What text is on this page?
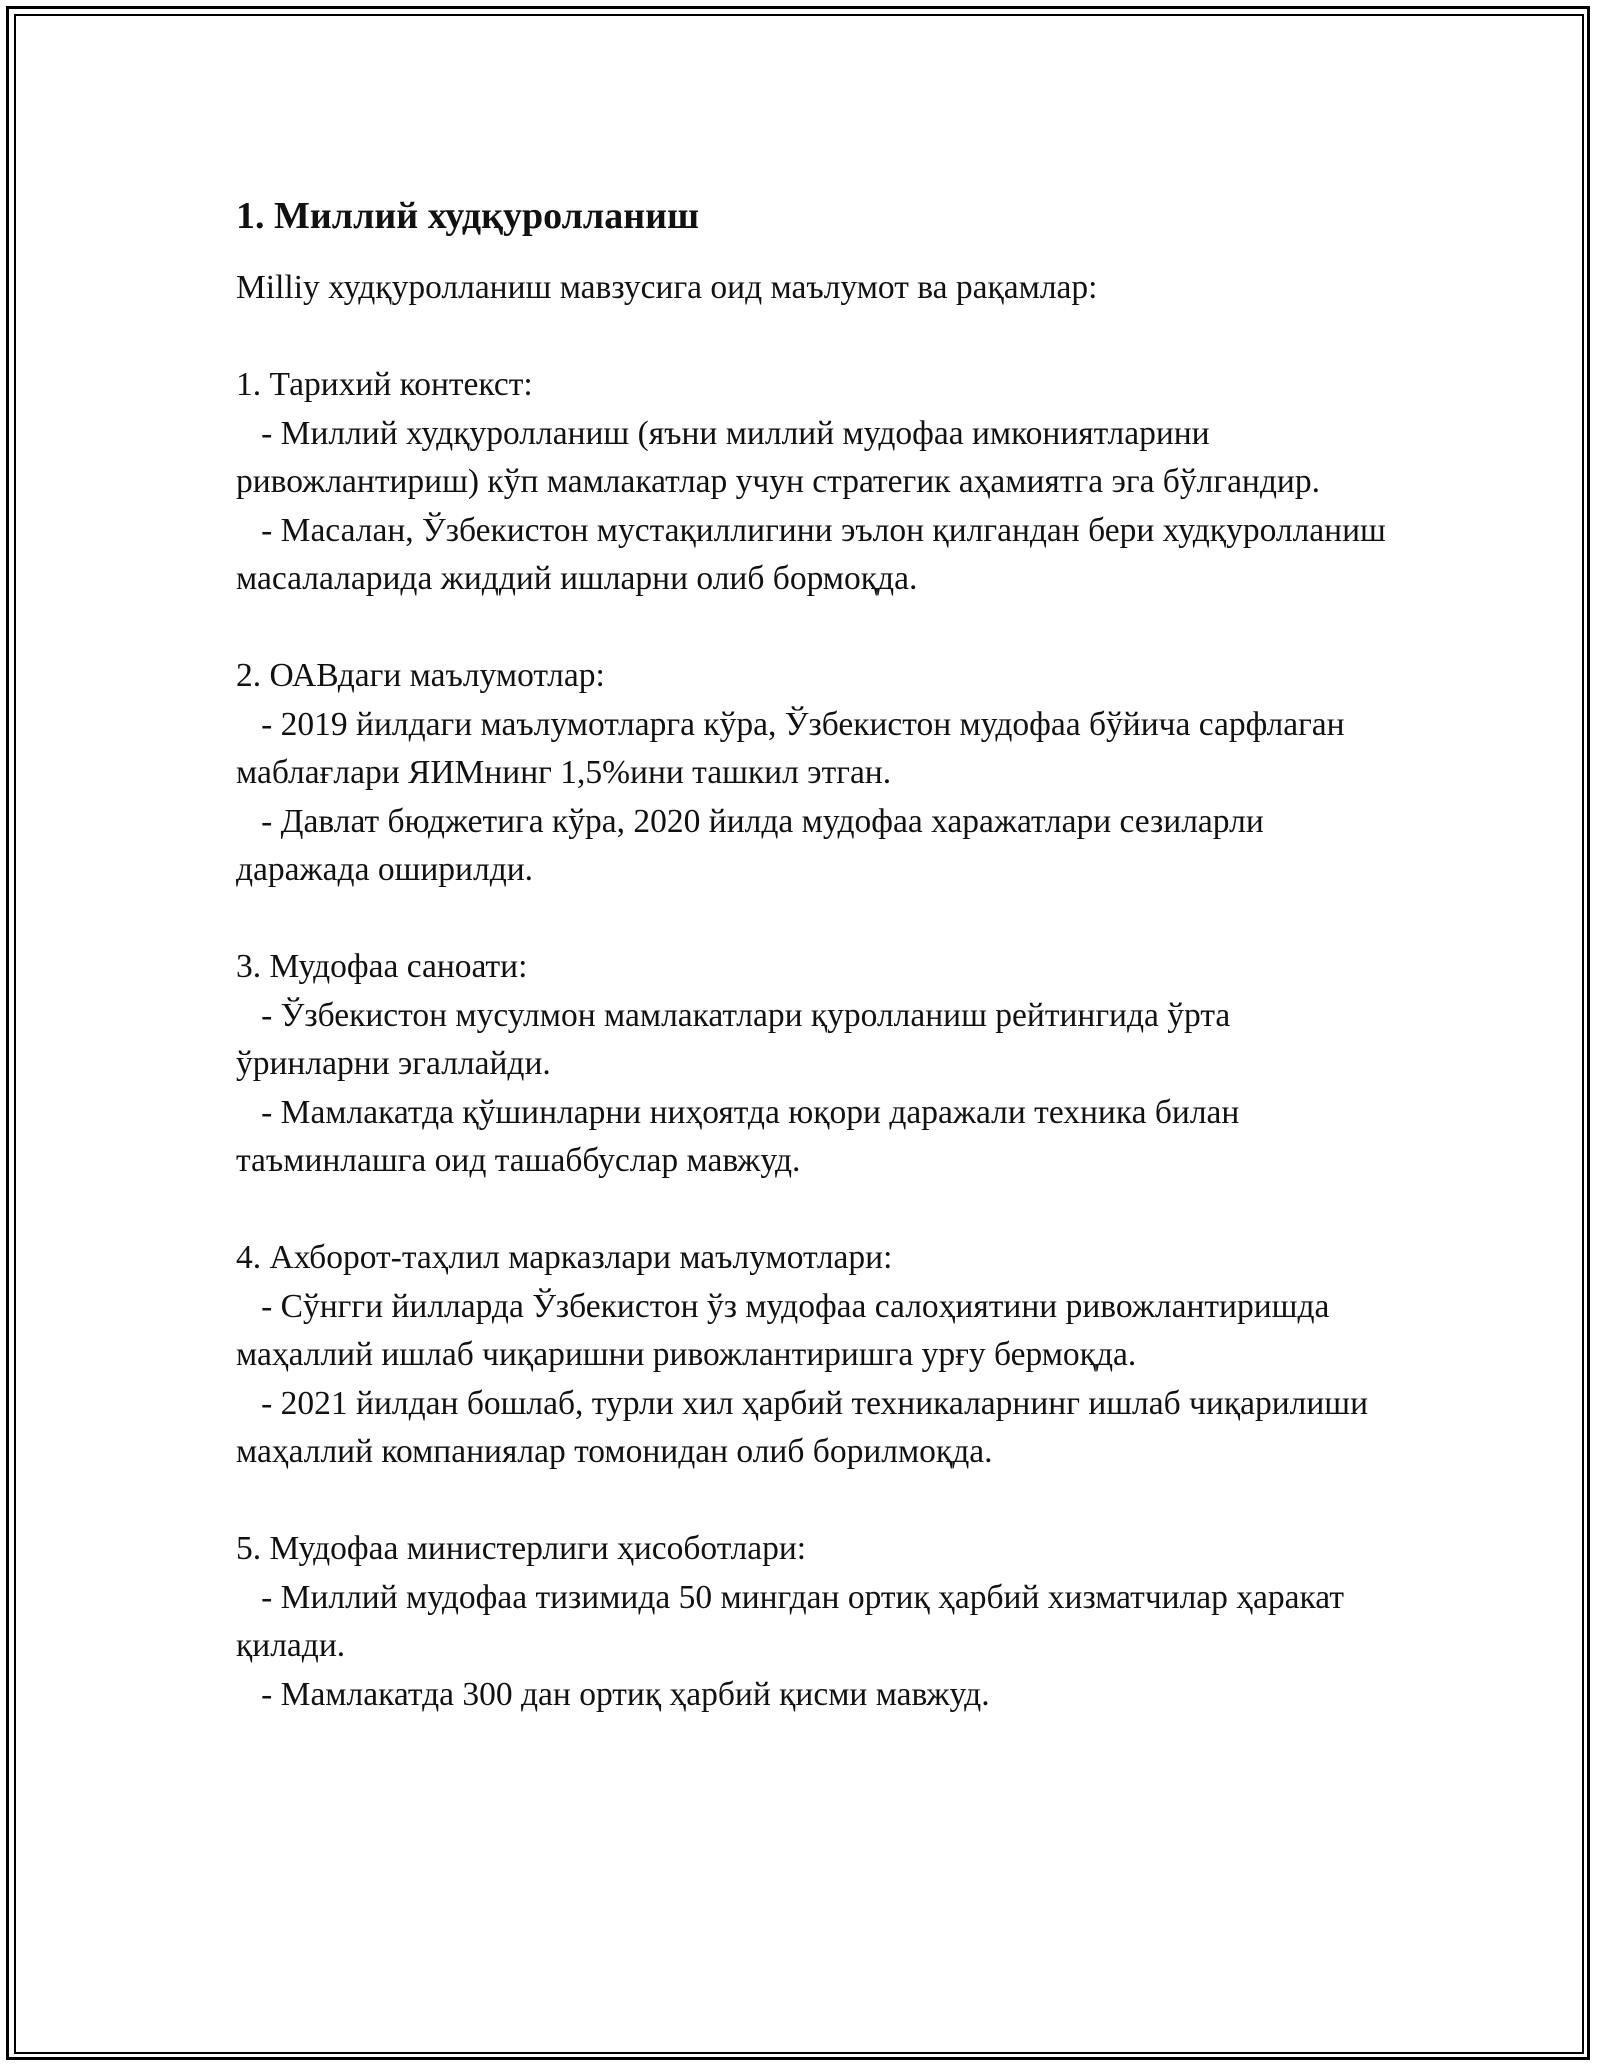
1. Миллий худқуролланиш

Milliy худқуролланиш мавзусига оид маълумот ва рақамлар:

1. Тарихий контекст:
- Миллий худқуролланиш (яъни миллий мудофаа имкониятларини ривожлантириш) кўп мамлакатлар учун стратегик аҳамиятга эга бўлгандир.
- Масалан, Ўзбекистон мустақиллигини эълон қилгандан бери худқуролланиш масалаларида жиддий ишларни олиб бормоқда.
2. ОАВдаги маълумотлар:
- 2019 йилдаги маълумотларга кўра, Ўзбекистон мудофаа бўйича сарфлаган маблағлари ЯИМнинг 1,5%ини ташкил этган.
- Давлат бюджетига кўра, 2020 йилда мудофаа харажатлари сезиларли даражада оширилди.
3. Мудофаа саноати:
- Ўзбекистон мусулмон мамлакатлари қуролланиш рейтингида ўрта ўринларни эгаллайди.
- Мамлакатда қўшинларни ниҳоятда юқори даражали техника билан таъминлашга оид ташаббуслар мавжуд.
4. Ахборот-таҳлил марказлари маълумотлари:
- Сўнгги йилларда Ўзбекистон ўз мудофаа салоҳиятини ривожлантиришда маҳаллий ишлаб чиқаришни ривожлантиришга урғу бермоқда.
- 2021 йилдан бошлаб, турли хил ҳарбий техникаларнинг ишлаб чиқарилиши маҳаллий компаниялар томонидан олиб борилмоқда.
5. Мудофаа министерлиги ҳисоботлари:
- Миллий мудофаа тизимида 50 мингдан ортиқ ҳарбий хизматчилар ҳаракат қилади.
- Мамлакатда 300 дан ортиқ ҳарбий қисми мавжуд.
